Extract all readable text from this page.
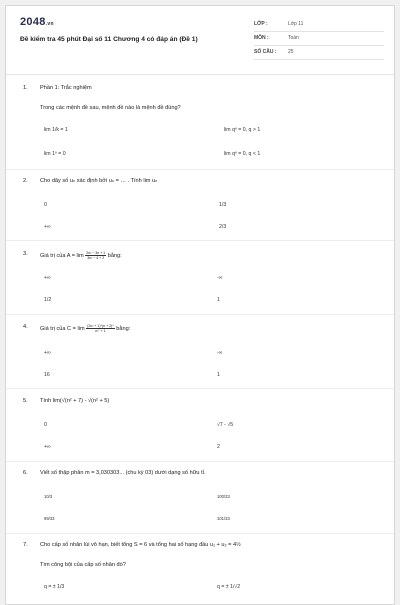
2048.vn
Đề kiểm tra 45 phút Đại số 11 Chương 4 có đáp án (Đề 1)
LỚP :	Lớp 11
MÔN :	Toán
SỐ CÂU : 25
1. Phần 1: Trắc nghiệm
Trong các mệnh đề sau, mệnh đề nào là mệnh đề đúng?
lim 1/k = 1	lim qⁿ = 0, q > 1
lim 1ⁿ = 0	lim qⁿ = 0, q < 1
2. Cho dãy số uₙ xác định bởi uₙ = … . Tính lim uₙ
0	1/3
+∞	2/3
3. Giá trị của $A = \lim \frac{\text{2n² − 3n + 1}}{\text{3n² − 4 + 2}}$ bằng:
+∞	-∞
1/2	1
4. Giá trị của $C = \lim \frac{\text{(2n² + 1)⁴(n + 2)⁹}}{\text{n¹⁷ + 1}}$ bằng:
+∞	-∞
16	1
5. Tính lim(√(n² + 7) - √(n² + 5)
0	√7 - √5
+∞	2
6. Viết số thập phân m = 3,030303... (chu kỳ 03) dưới dạng số hữu tỉ.
10/3	100/33
99/33	101/33
7. Cho cấp số nhân lùi vô hạn, biết tổng S = 6 và tổng hai số hạng đầu u₁ + u₂ = 4½
Tìm công bội của cấp số nhân đó?
q = ± 1/3	q = ± 1/√2
